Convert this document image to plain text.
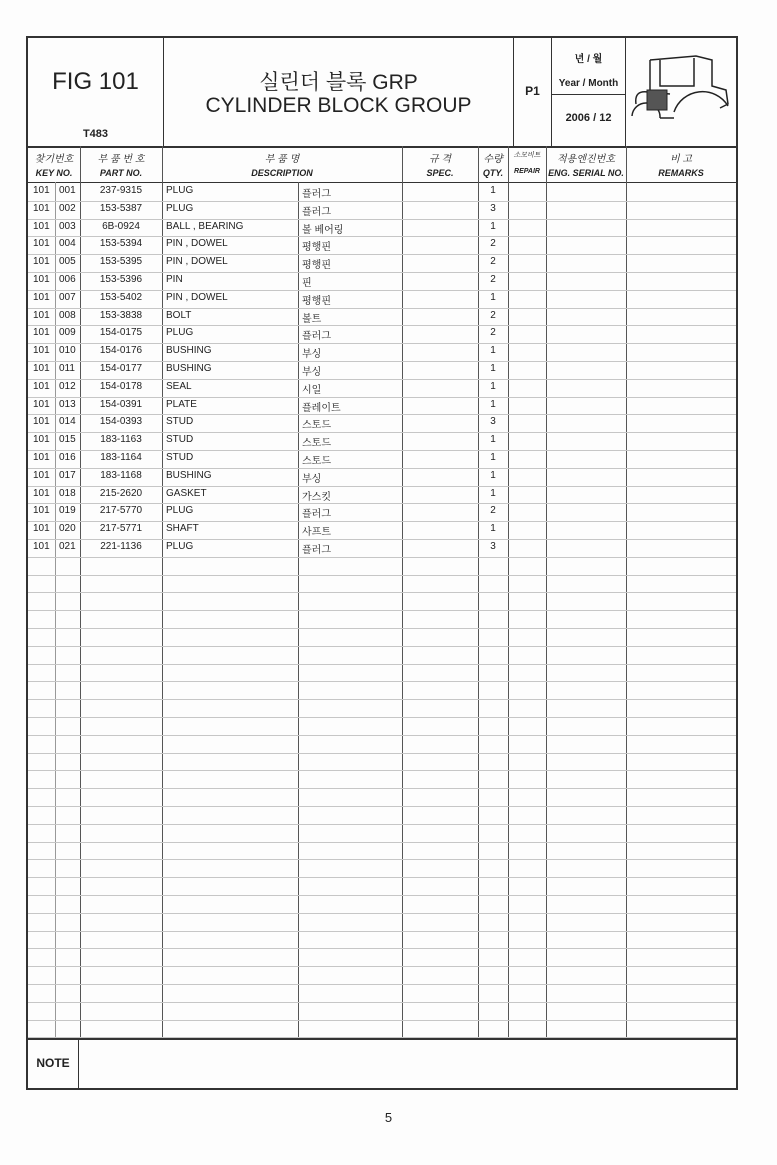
FIG 101
T483
실린더 블록 GRP
CYLINDER BLOCK GROUP
P1
년 / 월
Year / Month
2006 / 12
찾기번호
KEY NO.
부 품 번 호
PART NO.
부 품 명
DESCRIPTION
규 격
SPEC.
수량
QTY.
소모비트
REPAIR
적용엔진번호
ENG. SERIAL NO.
비 고
REMARKS
101 001	237-9315	PLUG	플러그	1
101 002	153-5387	PLUG	플러그	3
101 003	6B-0924	BALL , BEARING	볼 베어링	1
101 004	153-5394	PIN , DOWEL	평행핀	2
101 005	153-5395	PIN , DOWEL	평행핀	2
101 006	153-5396	PIN	핀	2
101 007	153-5402	PIN , DOWEL	평행핀	1
101 008	153-3838	BOLT	볼트	2
101 009	154-0175	PLUG	플러그	2
101 010	154-0176	BUSHING	부싱	1
101 011	154-0177	BUSHING	부싱	1
101 012	154-0178	SEAL	시일	1
101 013	154-0391	PLATE	플레이트	1
101 014	154-0393	STUD	스토드	3
101 015	183-1163	STUD	스토드	1
101 016	183-1164	STUD	스토드	1
101 017	183-1168	BUSHING	부싱	1
101 018	215-2620	GASKET	가스킷	1
101 019	217-5770	PLUG	플러그	2
101 020	217-5771	SHAFT	사프트	1
101 021	221-1136	PLUG	플러그	3
NOTE
5
